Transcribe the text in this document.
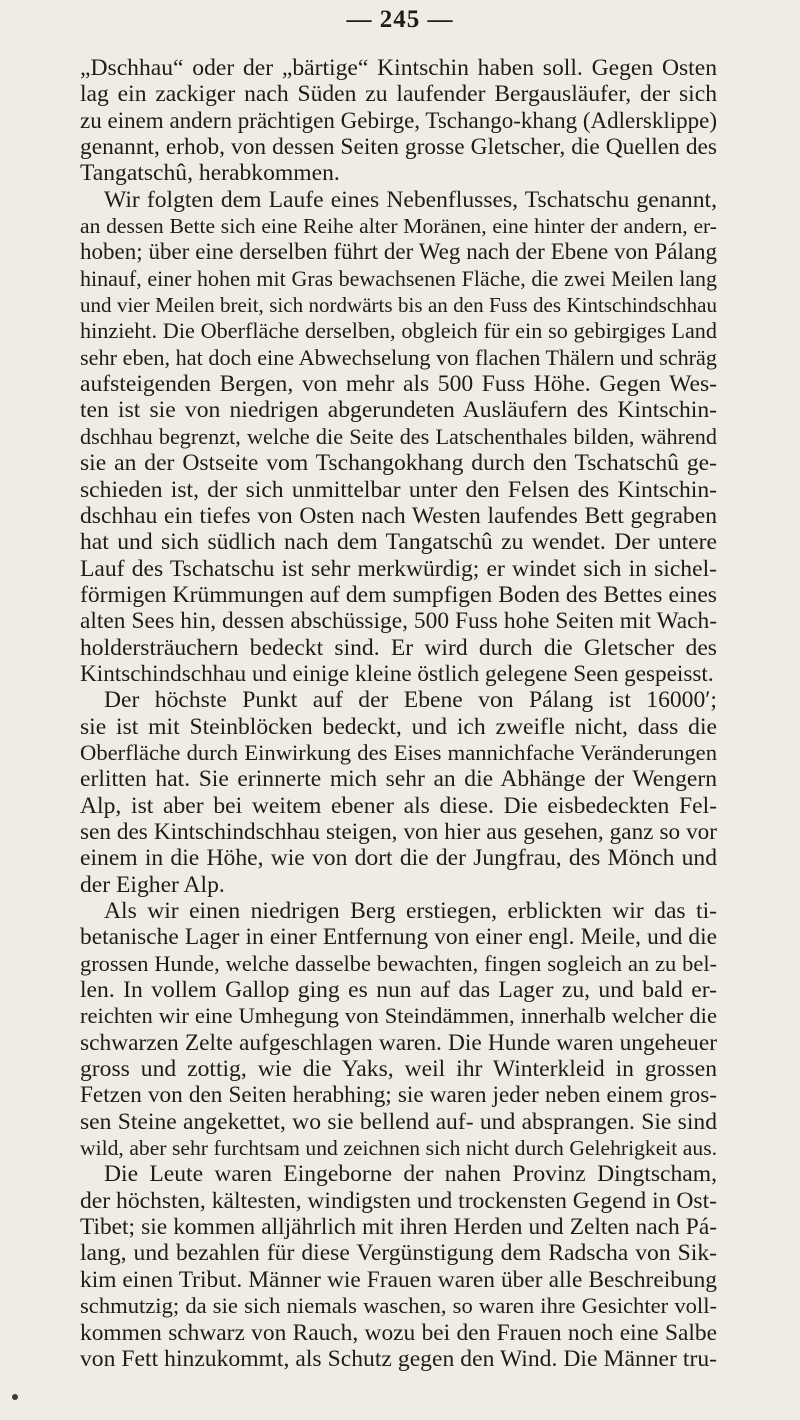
— 245 —
„Dschhau“ oder der „bärtige“ Kintschin haben soll. Gegen Osten
lag ein zackiger nach Süden zu laufender Bergausläufer, der sich
zu einem andern prächtigen Gebirge, Tschango-khang (Adlersklippe)
genannt, erhob, von dessen Seiten grosse Gletscher, die Quellen des
Tangatschû, herabkommen.
Wir folgten dem Laufe eines Nebenflusses, Tschatschu genannt,
an dessen Bette sich eine Reihe alter Moränen, eine hinter der andern, er-
hoben; über eine derselben führt der Weg nach der Ebene von Pálang
hinauf, einer hohen mit Gras bewachsenen Fläche, die zwei Meilen lang
und vier Meilen breit, sich nordwärts bis an den Fuss des Kintschindschhau
hinzieht. Die Oberfläche derselben, obgleich für ein so gebirgiges Land
sehr eben, hat doch eine Abwechselung von flachen Thälern und schräg
aufsteigenden Bergen, von mehr als 500 Fuss Höhe. Gegen Wes-
ten ist sie von niedrigen abgerundeten Ausläufern des Kintschin-
dschhau begrenzt, welche die Seite des Latschenthales bilden, während
sie an der Ostseite vom Tschangokhang durch den Tschatschû ge-
schieden ist, der sich unmittelbar unter den Felsen des Kintschin-
dschhau ein tiefes von Osten nach Westen laufendes Bett gegraben
hat und sich südlich nach dem Tangatschû zu wendet. Der untere
Lauf des Tschatschu ist sehr merkwürdig; er windet sich in sichel-
förmigen Krümmungen auf dem sumpfigen Boden des Bettes eines
alten Sees hin, dessen abschüssige, 500 Fuss hohe Seiten mit Wach-
holdersträuchern bedeckt sind. Er wird durch die Gletscher des
Kintschindschhau und einige kleine östlich gelegene Seen gespeisst.
Der höchste Punkt auf der Ebene von Pálang ist 16000′;
sie ist mit Steinblöcken bedeckt, und ich zweifle nicht, dass die
Oberfläche durch Einwirkung des Eises mannichfache Veränderungen
erlitten hat. Sie erinnerte mich sehr an die Abhänge der Wengern
Alp, ist aber bei weitem ebener als diese. Die eisbedeckten Fel-
sen des Kintschindschhau steigen, von hier aus gesehen, ganz so vor
einem in die Höhe, wie von dort die der Jungfrau, des Mönch und
der Eigher Alp.
Als wir einen niedrigen Berg erstiegen, erblickten wir das ti-
betanische Lager in einer Entfernung von einer engl. Meile, und die
grossen Hunde, welche dasselbe bewachten, fingen sogleich an zu bel-
len. In vollem Gallop ging es nun auf das Lager zu, und bald er-
reichten wir eine Umhegung von Steindämmen, innerhalb welcher die
schwarzen Zelte aufgeschlagen waren. Die Hunde waren ungeheuer
gross und zottig, wie die Yaks, weil ihr Winterkleid in grossen
Fetzen von den Seiten herabhing; sie waren jeder neben einem gros-
sen Steine angekettet, wo sie bellend auf- und absprangen. Sie sind
wild, aber sehr furchtsam und zeichnen sich nicht durch Gelehrigkeit aus.
Die Leute waren Eingeborne der nahen Provinz Dingtscham,
der höchsten, kältesten, windigsten und trockensten Gegend in Ost-
Tibet; sie kommen alljährlich mit ihren Herden und Zelten nach Pá-
lang, und bezahlen für diese Vergünstigung dem Radscha von Sik-
kim einen Tribut. Männer wie Frauen waren über alle Beschreibung
schmutzig; da sie sich niemals waschen, so waren ihre Gesichter voll-
kommen schwarz von Rauch, wozu bei den Frauen noch eine Salbe
von Fett hinzukommt, als Schutz gegen den Wind. Die Männer tru-
